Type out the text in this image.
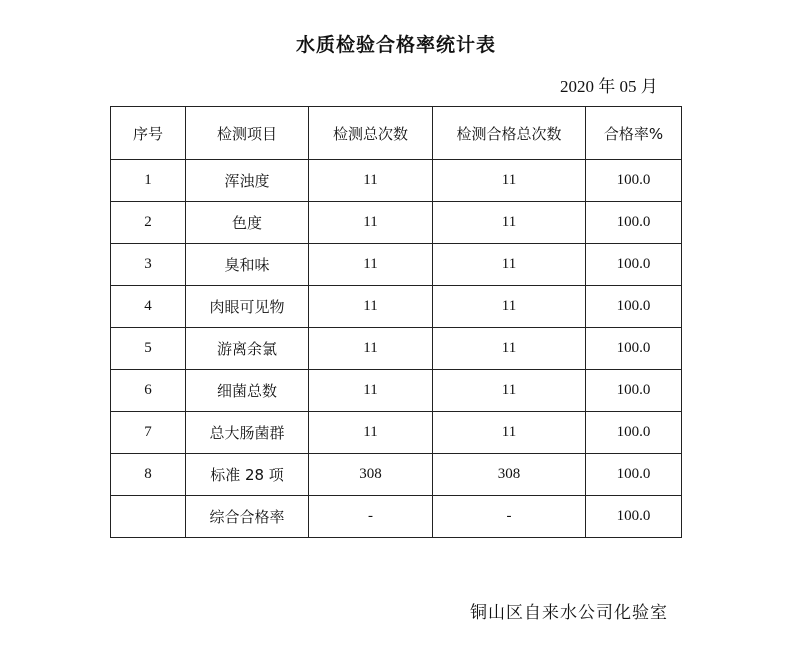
水质检验合格率统计表
2020 年 05 月
序号	检测项目	检测总次数	检测合格总次数	合格率%
1	浑浊度	11	11	100.0
2	色度	11	11	100.0
3	臭和味	11	11	100.0
4	肉眼可见物	11	11	100.0
5	游离余氯	11	11	100.0
6	细菌总数	11	11	100.0
7	总大肠菌群	11	11	100.0
8	标准 28 项	308	308	100.0
	综合合格率	-	-	100.0
铜山区自来水公司化验室
